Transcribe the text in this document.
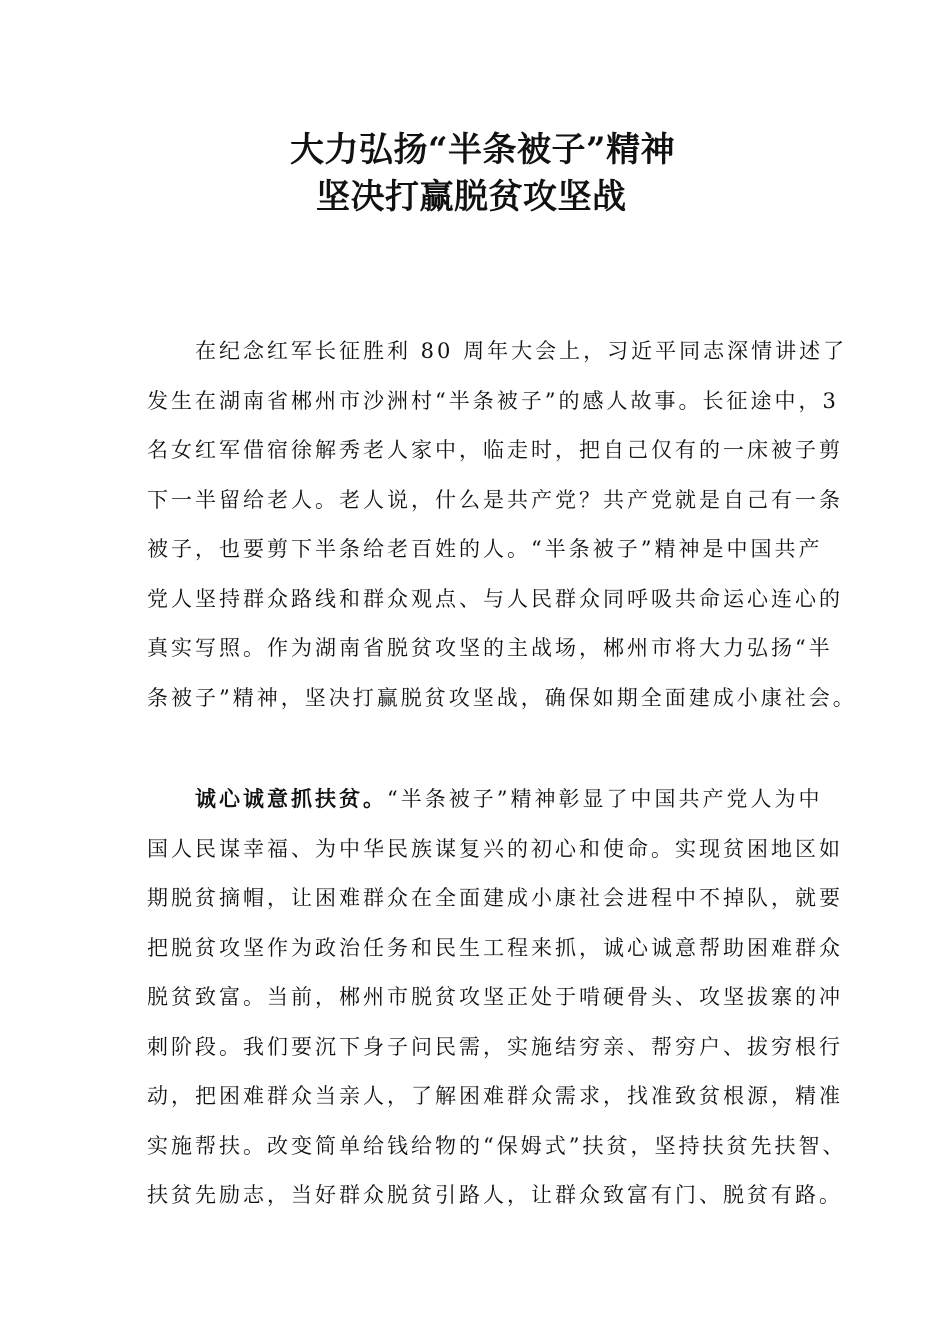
大力弘扬“半条被子”精神
坚决打赢脱贫攻坚战
　　在纪念红军长征胜利 80 周年大会上，习近平同志深情讲述了
发生在湖南省郴州市沙洲村“半条被子”的感人故事。长征途中，3
名女红军借宿徐解秀老人家中，临走时，把自己仅有的一床被子剪
下一半留给老人。老人说，什么是共产党？共产党就是自己有一条
被子，也要剪下半条给老百姓的人。“半条被子”精神是中国共产
党人坚持群众路线和群众观点、与人民群众同呼吸共命运心连心的
真实写照。作为湖南省脱贫攻坚的主战场，郴州市将大力弘扬“半
条被子”精神，坚决打赢脱贫攻坚战，确保如期全面建成小康社会。
　　诚心诚意抓扶贫。“半条被子”精神彰显了中国共产党人为中
国人民谋幸福、为中华民族谋复兴的初心和使命。实现贫困地区如
期脱贫摘帽，让困难群众在全面建成小康社会进程中不掉队，就要
把脱贫攻坚作为政治任务和民生工程来抓，诚心诚意帮助困难群众
脱贫致富。当前，郴州市脱贫攻坚正处于啃硬骨头、攻坚拔寨的冲
刺阶段。我们要沉下身子问民需，实施结穷亲、帮穷户、拔穷根行
动，把困难群众当亲人，了解困难群众需求，找准致贫根源，精准
实施帮扶。改变简单给钱给物的“保姆式”扶贫，坚持扶贫先扶智、
扶贫先励志，当好群众脱贫引路人，让群众致富有门、脱贫有路。
